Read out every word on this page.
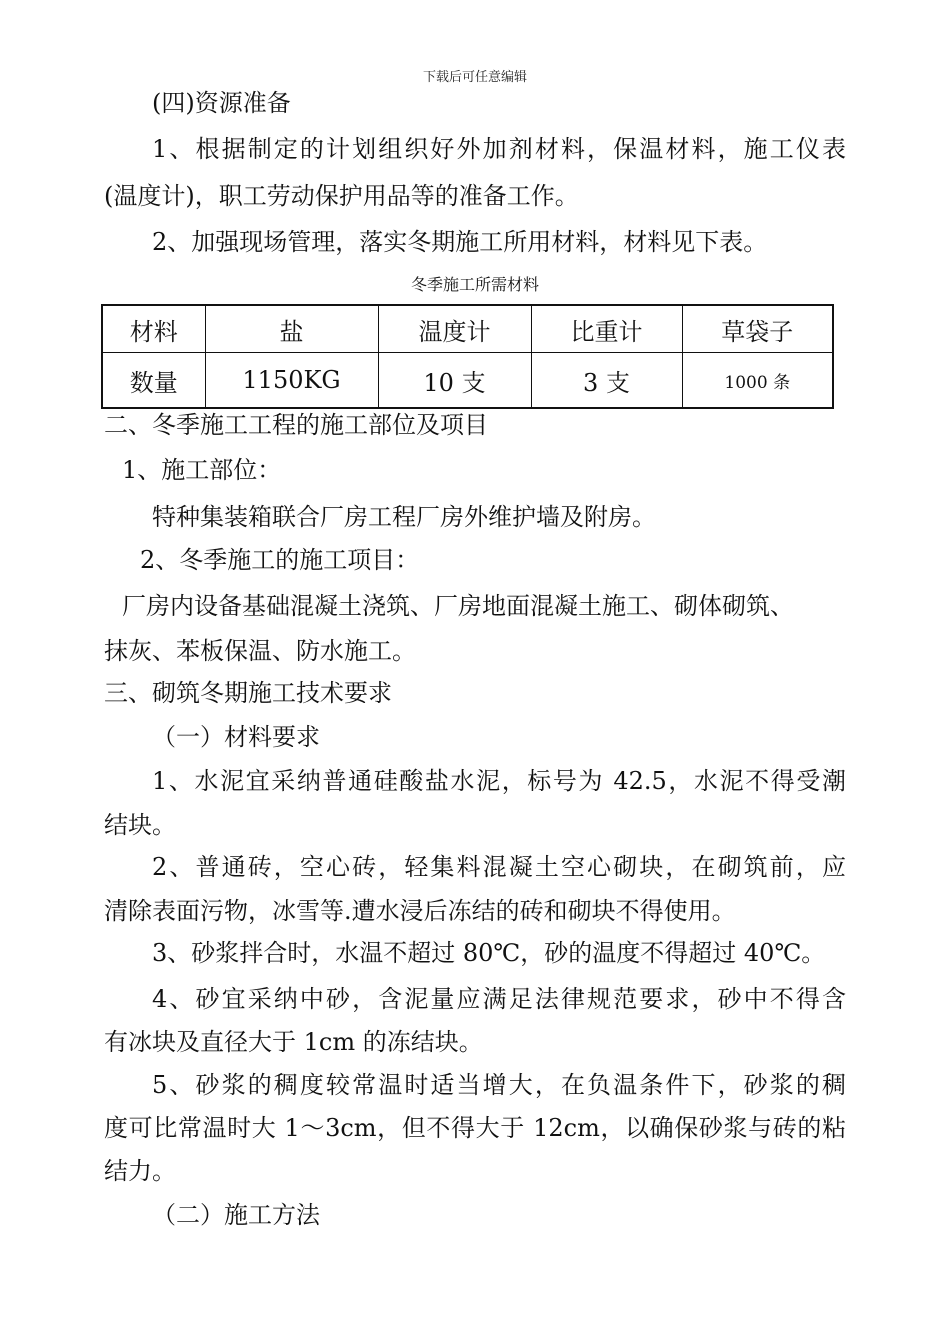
下载后可任意编辑
(四)资源准备
1、根据制定的计划组织好外加剂材料，保温材料，施工仪表
(温度计)，职工劳动保护用品等的准备工作。
2、加强现场管理，落实冬期施工所用材料，材料见下表。
冬季施工所需材料
材料	盐	温度计	比重计	草袋子
数量	1150KG	10 支	3 支	1000 条
二、冬季施工工程的施工部位及项目
1、施工部位：
特种集装箱联合厂房工程厂房外维护墙及附房。
2、冬季施工的施工项目：
厂房内设备基础混凝土浇筑、厂房地面混凝土施工、砌体砌筑、
抹灰、苯板保温、防水施工。
三、砌筑冬期施工技术要求
（一）材料要求
1、水泥宜采纳普通硅酸盐水泥，标号为 42.5，水泥不得受潮
结块。
2、普通砖，空心砖，轻集料混凝土空心砌块，在砌筑前，应
清除表面污物，冰雪等.遭水浸后冻结的砖和砌块不得使用。
3、砂浆拌合时，水温不超过 80℃，砂的温度不得超过 40℃。
4、砂宜采纳中砂，含泥量应满足法律规范要求，砂中不得含
有冰块及直径大于 1cm 的冻结块。
5、砂浆的稠度较常温时适当增大，在负温条件下，砂浆的稠
度可比常温时大 1～3cm，但不得大于 12cm，以确保砂浆与砖的粘
结力。
（二）施工方法
